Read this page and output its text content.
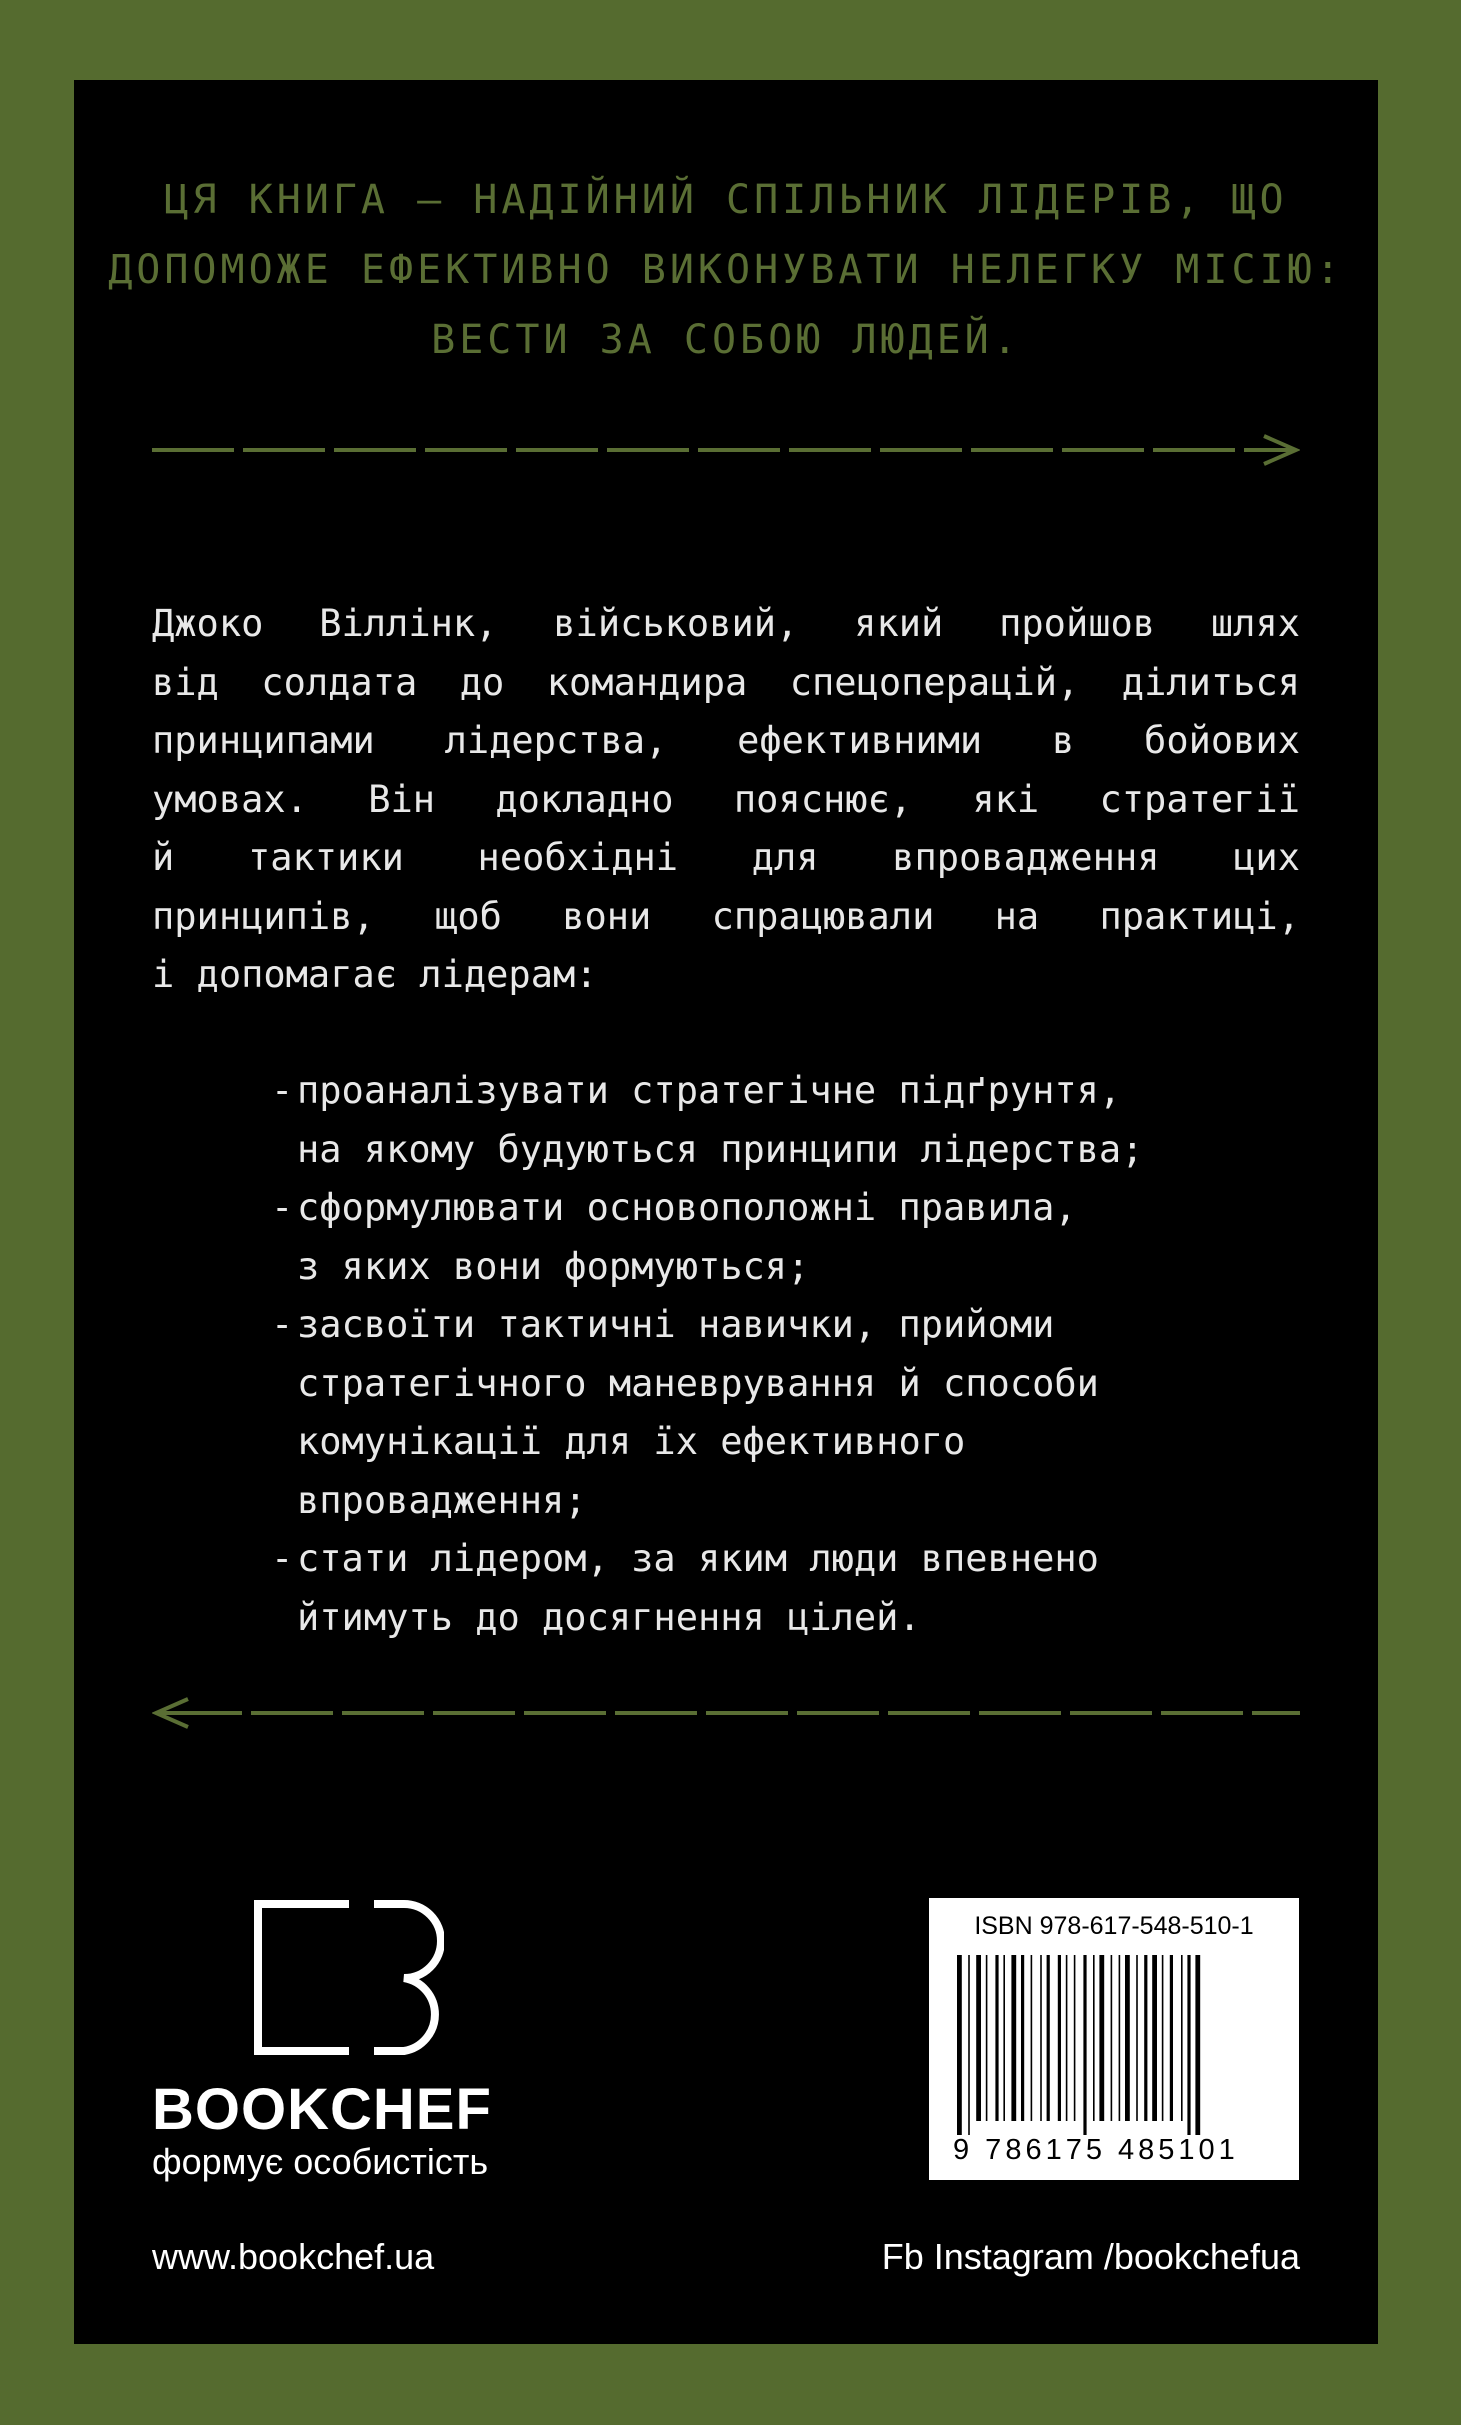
ЦЯ КНИГА — НАДІЙНИЙ СПІЛЬНИК ЛІДЕРІВ, ЩО
ДОПОМОЖЕ ЕФЕКТИВНО ВИКОНУВАТИ НЕЛЕГКУ МІСІЮ:
ВЕСТИ ЗА СОБОЮ ЛЮДЕЙ.
Джоко Віллінк, військовий, який пройшов шлях
від солдата до командира спецоперацій, ділиться
принципами лідерства, ефективними в бойових
умовах. Він докладно пояснює, які стратегії
й тактики необхідні для впровадження цих
принципів, щоб вони спрацювали на практиці,
і допомагає лідерам:
- проаналізувати стратегічне підґрунтя,
на якому будуються принципи лідерства;
- сформулювати основоположні правила,
з яких вони формуються;
- засвоїти тактичні навички, прийоми
стратегічного маневрування й способи
комунікації для їх ефективного
впровадження;
- стати лідером, за яким люди впевнено
йтимуть до досягнення цілей.
BOOKCHEF
формує особистість
ISBN 978-617-548-510-1
9 786175 485101
www.bookchef.ua	Fb Instagram /bookchefua
